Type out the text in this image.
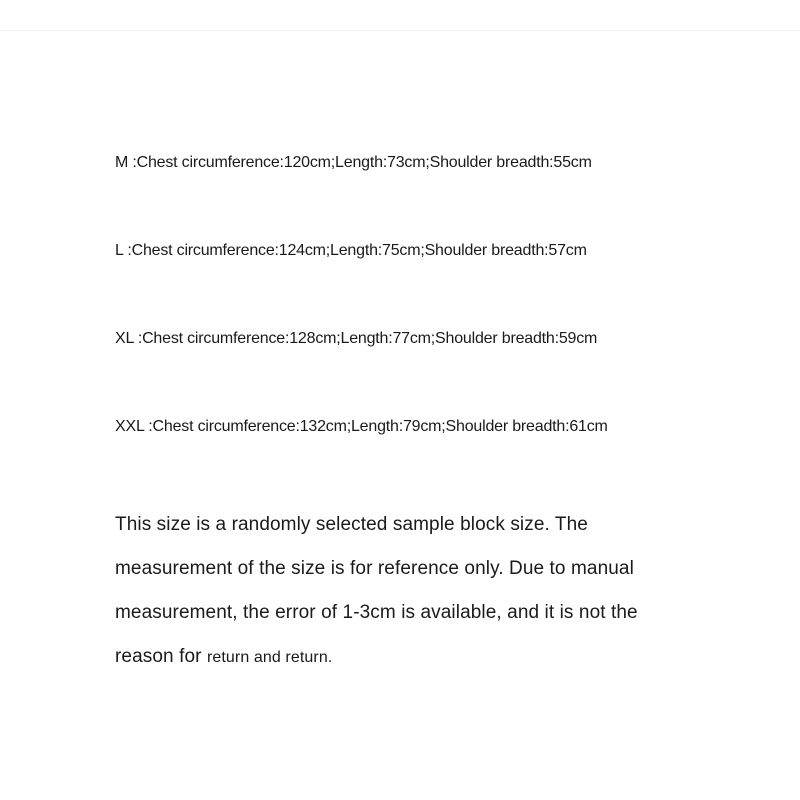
M :Chest circumference:120cm;Length:73cm;Shoulder breadth:55cm
L :Chest circumference:124cm;Length:75cm;Shoulder breadth:57cm
XL :Chest circumference:128cm;Length:77cm;Shoulder breadth:59cm
XXL :Chest circumference:132cm;Length:79cm;Shoulder breadth:61cm
This size is a randomly selected sample block size. The
measurement of the size is for reference only. Due to manual
measurement, the error of 1-3cm is available, and it is not the
reason for return and return.
